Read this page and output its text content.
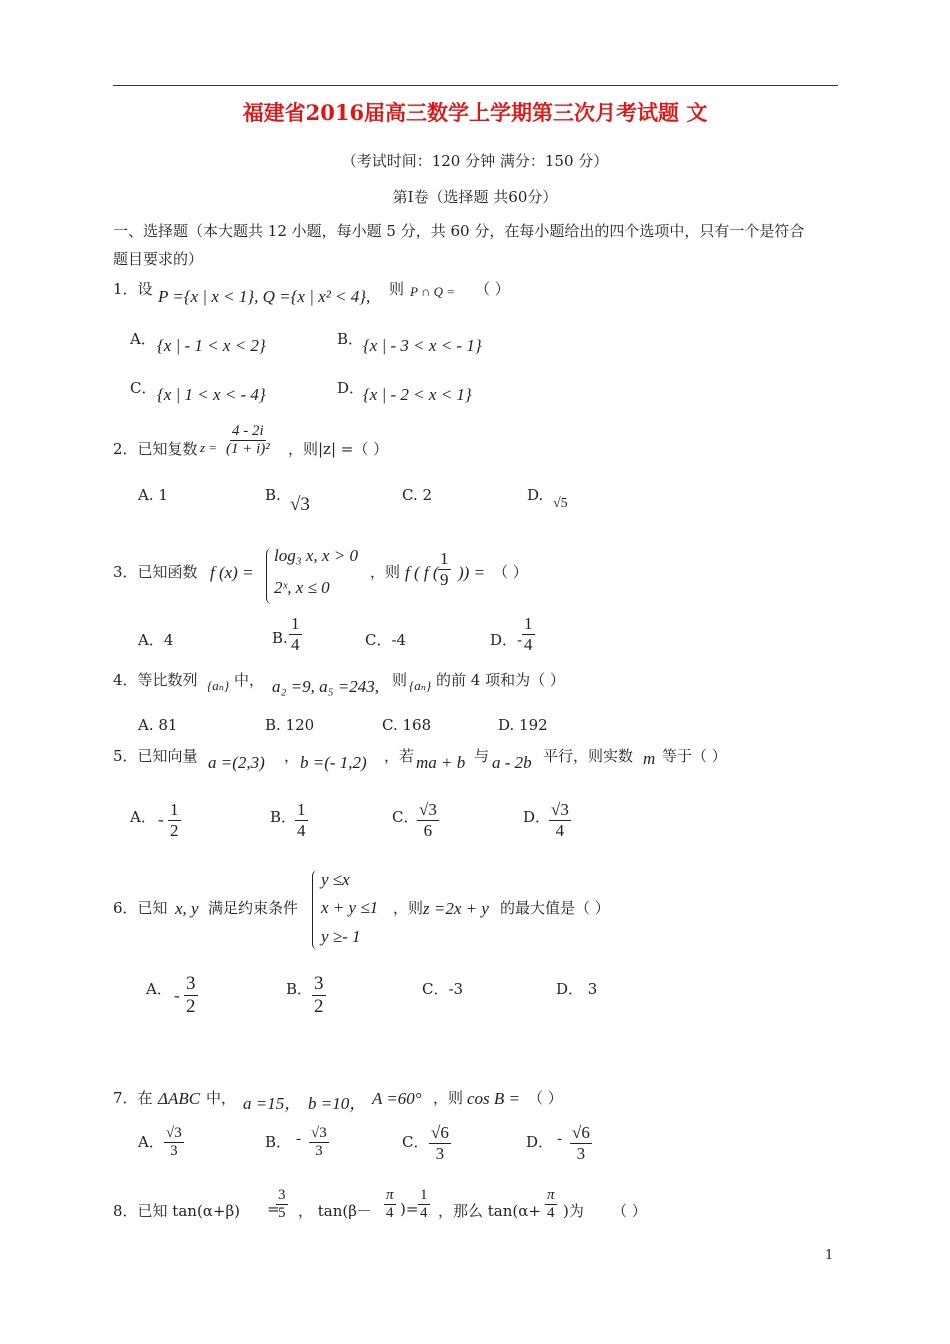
福建省2016届高三数学上学期第三次月考试题 文
（考试时间：120 分钟 满分：150 分）
第Ⅰ卷（选择题 共60分）
一、选择题（本大题共 12 小题，每小题 5 分，共 60 分，在每小题给出的四个选项中，只有一个是符合
题目要求的）
1．设 P ={x | x < 1}, Q ={x | x² < 4}, 则 P ∩ Q = （ ）
A． {x | - 1 < x < 2}	B． {x | - 3 < x < - 1}
C． {x | 1 < x < - 4}	D．
{x | - 2 < x < 1}
2．已知复数 $z = \frac{4 - 2i}{\text{(1 + i)²}}$ ，则|z| =（ ）
A. 1	B. √3	C. 2	D. √5
3．已知函数 f (x) =
log₃ x, x > 0
2ˣ, x ≤ 0
，则 f ( f ( $\frac{1}{9}$ )) = （ ）
A．4	B. $\frac{1}{4}$	C．-4	D．- $\frac{1}{4}$
4．等比数列 {aₙ} 中， a₂ =9, a₅ =243, 则 {aₙ} 的前 4 项和为（ ）
A. 81	B. 120	C. 168	D. 192
5．已知向量 a =(2,3) ， b =(- 1,2) ，若 ma + b 与 a - 2b 平行，则实数 m 等于（ ）
A． - $\frac{1}{2}$	B．
$\frac{1}{4}$	C．
$\frac{√3}{6}$	D．
$\frac{√3}{4}$
6．已知 x, y 满足约束条件
y ≤x
x + y ≤1
y ≥- 1
，则 z =2x + y 的最大值是（ ）
A． - $\frac{3}{2}$	B． $\frac{3}{2}$	C．-3	D． 3
7．在 ΔABC 中， a =15， b =10， A =60° ，则 cos B = （ ）
A． $\frac{√3}{3}$	B． - $\frac{√3}{3}$	C． $\frac{√6}{3}$	D． - $\frac{√6}{3}$
8．已知 tan(α+β) =
$\frac{3}{5}$ ， $\tan(\beta- \frac{\pi}{4}$ )= $\frac{1}{4}$ ，那么 $\tan(\alpha+ \frac{\pi}{4}$ )为 （ ）
1
